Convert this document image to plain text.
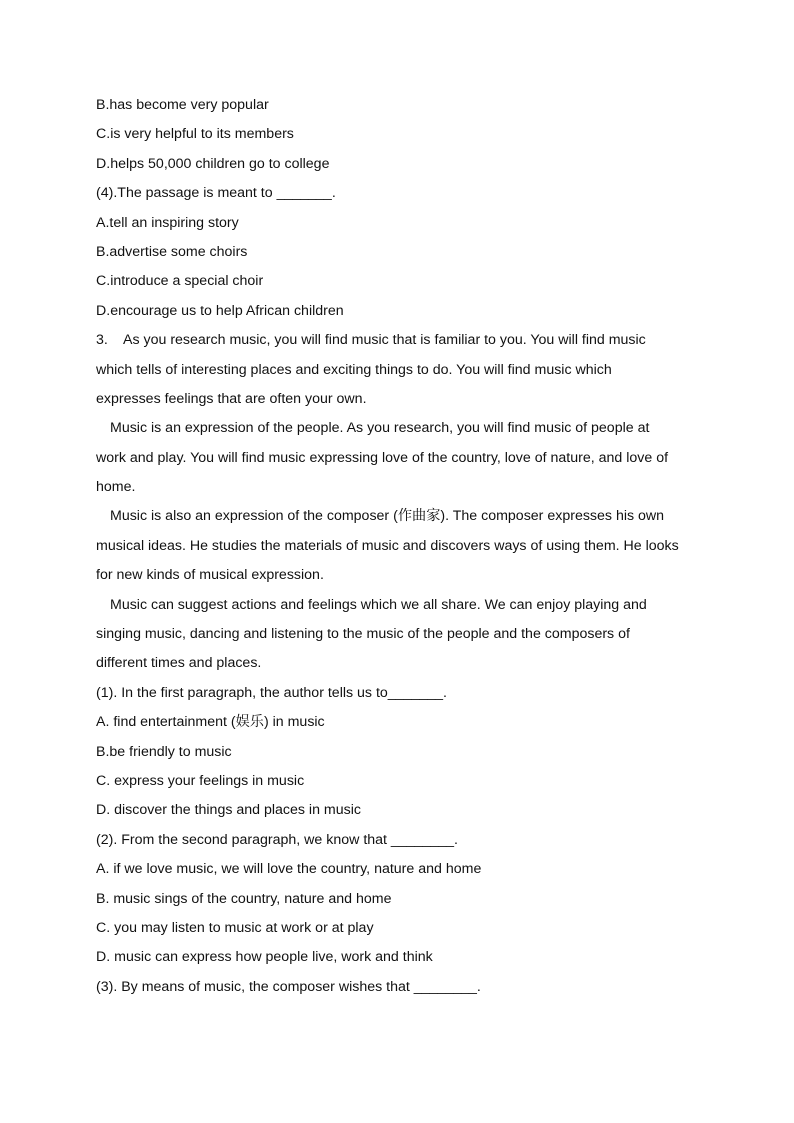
B.has become very popular
C.is very helpful to its members
D.helps 50,000 children go to college
(4).The passage is meant to _______.
A.tell an inspiring story
B.advertise some choirs
C.introduce a special choir
D.encourage us to help African children
3. As you research music, you will find music that is familiar to you. You will find music
which tells of interesting places and exciting things to do. You will find music which
expresses feelings that are often your own.
Music is an expression of the people. As you research, you will find music of people at
work and play. You will find music expressing love of the country, love of nature, and love of
home.
Music is also an expression of the composer (作曲家). The composer expresses his own
musical ideas. He studies the materials of music and discovers ways of using them. He looks
for new kinds of musical expression.
Music can suggest actions and feelings which we all share. We can enjoy playing and
singing music, dancing and listening to the music of the people and the composers of
different times and places.
(1). In the first paragraph, the author tells us to_______.
A. find entertainment (娱乐) in music
B.be friendly to music
C. express your feelings in music
D. discover the things and places in music
(2). From the second paragraph, we know that ________.
A. if we love music, we will love the country, nature and home
B. music sings of the country, nature and home
C. you may listen to music at work or at play
D. music can express how people live, work and think
(3). By means of music, the composer wishes that ________.
